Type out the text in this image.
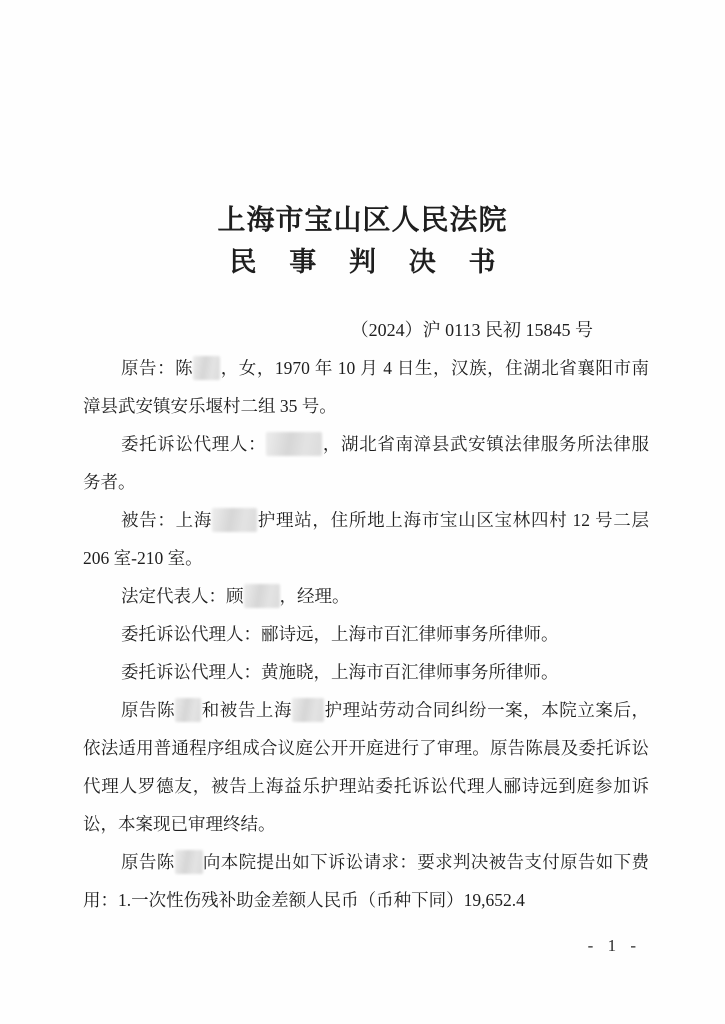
上海市宝山区人民法院
民 事 判 决 书
（2024）沪 0113 民初 15845 号

原告：陈 ，女，1970 年 10 月 4 日生，汉族，住湖北省襄阳市南漳县武安镇安乐堰村二组 35 号。

委托诉讼代理人：	，湖北省南漳县武安镇法律服务所法律服务者。

被告：上海	护理站，住所地上海市宝山区宝林四村 12 号二层 206 室-210 室。

法定代表人：顾 ，经理。

委托诉讼代理人：郦诗远，上海市百汇律师事务所律师。

委托诉讼代理人：黄施晓，上海市百汇律师事务所律师。

原告陈 和被告上海 护理站劳动合同纠纷一案，本院立案后，依法适用普通程序组成合议庭公开开庭进行了审理。原告陈晨及委托诉讼代理人罗德友，被告上海益乐护理站委托诉讼代理人郦诗远到庭参加诉讼，本案现已审理终结。

原告陈 向本院提出如下诉讼请求：要求判决被告支付原告如下费用：1.一次性伤残补助金差额人民币（币种下同）19,652.4

- 1 -
